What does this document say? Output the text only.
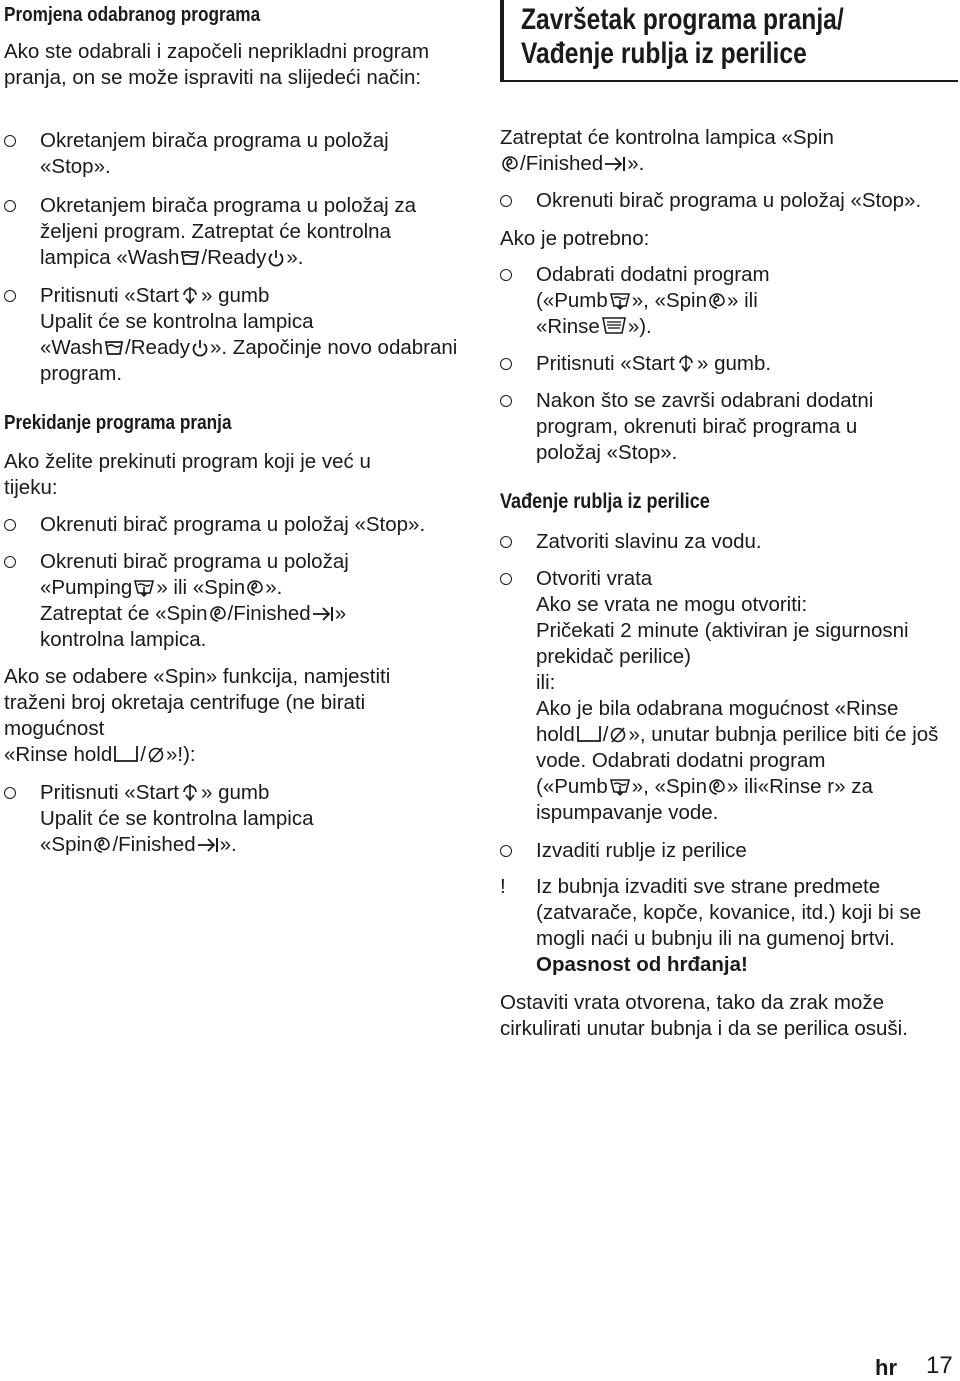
Promjena odabranog programa

Ako ste odabrali i započeli neprikladni program pranja, on se može ispraviti na slijedeći način:

Okretanjem birača programa u položaj «Stop».

Okretanjem birača programa u položaj za željeni program. Zatreptat će kontrolna
lampica «Wash /Ready ».

Pritisnuti «Start » gumb
Upalit će se kontrolna lampica
«Wash /Ready ». Započinje novo odabrani program.

Prekidanje programa pranja

Ako želite prekinuti program koji je već u tijeku:

Okrenuti birač programa u položaj «Stop».

Okrenuti birač programa u položaj
«Pumping » ili «Spin ».
Zatreptat će «Spin /Finished »
kontrolna lampica.

Ako se odabere «Spin» funkcija, namjestiti traženi broj okretaja centrifuge (ne birati mogućnost
«Rinse hold / »!):

Pritisnuti «Start » gumb
Upalit će se kontrolna lampica
«Spin /Finished ».

Završetak programa pranja/
Vađenje rublja iz perilice

Zatreptat će kontrolna lampica «Spin
/Finished ».

Okrenuti birač programa u položaj «Stop».

Ako je potrebno:

Odabrati dodatni program
(«Pumb », «Spin » ili
«Rinse »).

Pritisnuti «Start » gumb.

Nakon što se završi odabrani dodatni program, okrenuti birač programa u položaj «Stop».

Vađenje rublja iz perilice

Zatvoriti slavinu za vodu.

Otvoriti vrata
Ako se vrata ne mogu otvoriti:
Pričekati 2 minute (aktiviran je sigurnosni prekidač perilice)
ili:
Ako je bila odabrana mogućnost «Rinse
hold / », unutar bubnja perilice biti će još vode. Odabrati dodatni program
(«Pumb », «Spin » ili«Rinse r» za ispumpavanje vode.

Izvaditi rublje iz perilice

! Iz bubnja izvaditi sve strane predmete (zatvarače, kopče, kovanice, itd.) koji bi se mogli naći u bubnju ili na gumenoj brtvi.
Opasnost od hrđanja!

Ostaviti vrata otvorena, tako da zrak može cirkulirati unutar bubnja i da se perilica osuši.

hr 17
